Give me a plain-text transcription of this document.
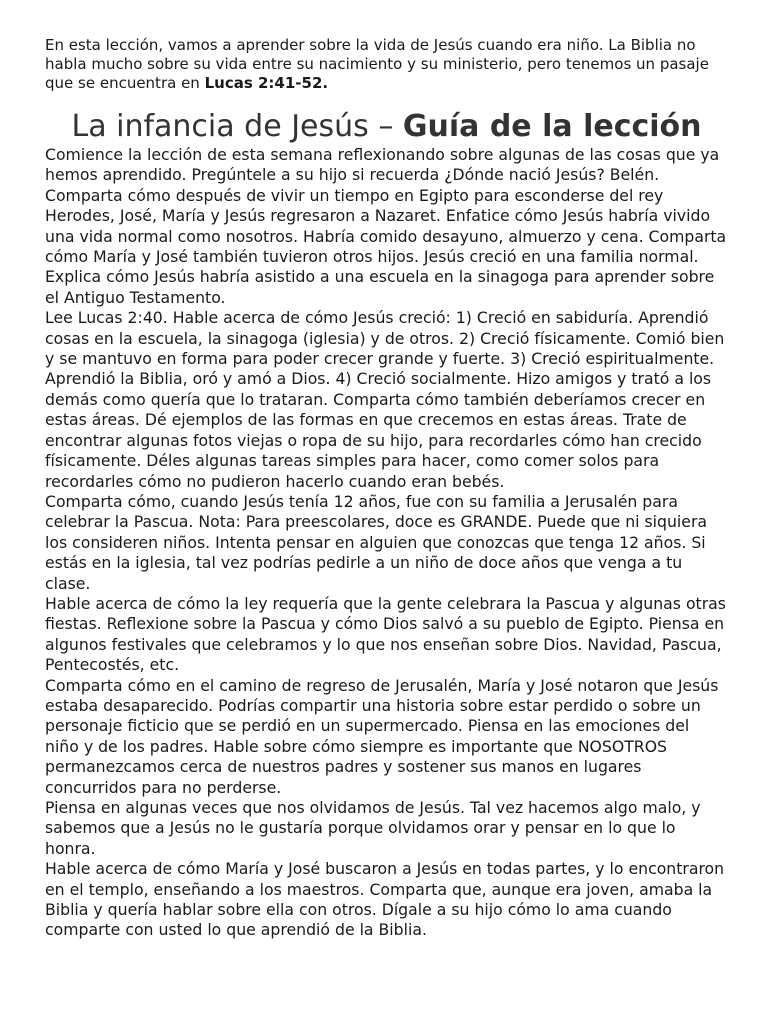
En esta lección, vamos a aprender sobre la vida de Jesús cuando era niño. La Biblia no habla mucho sobre su vida entre su nacimiento y su ministerio, pero tenemos un pasaje que se encuentra en Lucas 2:41-52.

La infancia de Jesús – Guía de la lección

Comience la lección de esta semana reflexionando sobre algunas de las cosas que ya hemos aprendido. Pregúntele a su hijo si recuerda ¿Dónde nació Jesús? Belén. Comparta cómo después de vivir un tiempo en Egipto para esconderse del rey Herodes, José, María y Jesús regresaron a Nazaret. Enfatice cómo Jesús habría vivido una vida normal como nosotros. Habría comido desayuno, almuerzo y cena. Comparta cómo María y José también tuvieron otros hijos. Jesús creció en una familia normal. Explica cómo Jesús habría asistido a una escuela en la sinagoga para aprender sobre el Antiguo Testamento.

Lee Lucas 2:40. Hable acerca de cómo Jesús creció: 1) Creció en sabiduría. Aprendió cosas en la escuela, la sinagoga (iglesia) y de otros. 2) Creció físicamente. Comió bien y se mantuvo en forma para poder crecer grande y fuerte. 3) Creció espiritualmente. Aprendió la Biblia, oró y amó a Dios. 4) Creció socialmente. Hizo amigos y trató a los demás como quería que lo trataran. Comparta cómo también deberíamos crecer en estas áreas. Dé ejemplos de las formas en que crecemos en estas áreas. Trate de encontrar algunas fotos viejas o ropa de su hijo, para recordarles cómo han crecido físicamente. Déles algunas tareas simples para hacer, como comer solos para recordarles cómo no pudieron hacerlo cuando eran bebés.

Comparta cómo, cuando Jesús tenía 12 años, fue con su familia a Jerusalén para celebrar la Pascua. Nota: Para preescolares, doce es GRANDE. Puede que ni siquiera los consideren niños. Intenta pensar en alguien que conozcas que tenga 12 años. Si estás en la iglesia, tal vez podrías pedirle a un niño de doce años que venga a tu clase.

Hable acerca de cómo la ley requería que la gente celebrara la Pascua y algunas otras fiestas. Reflexione sobre la Pascua y cómo Dios salvó a su pueblo de Egipto. Piensa en algunos festivales que celebramos y lo que nos enseñan sobre Dios. Navidad, Pascua, Pentecostés, etc.

Comparta cómo en el camino de regreso de Jerusalén, María y José notaron que Jesús estaba desaparecido. Podrías compartir una historia sobre estar perdido o sobre un personaje ficticio que se perdió en un supermercado. Piensa en las emociones del niño y de los padres. Hable sobre cómo siempre es importante que NOSOTROS permanezcamos cerca de nuestros padres y sostener sus manos en lugares concurridos para no perderse.

Piensa en algunas veces que nos olvidamos de Jesús. Tal vez hacemos algo malo, y sabemos que a Jesús no le gustaría porque olvidamos orar y pensar en lo que lo honra.

Hable acerca de cómo María y José buscaron a Jesús en todas partes, y lo encontraron en el templo, enseñando a los maestros. Comparta que, aunque era joven, amaba la Biblia y quería hablar sobre ella con otros. Dígale a su hijo cómo lo ama cuando comparte con usted lo que aprendió de la Biblia.
